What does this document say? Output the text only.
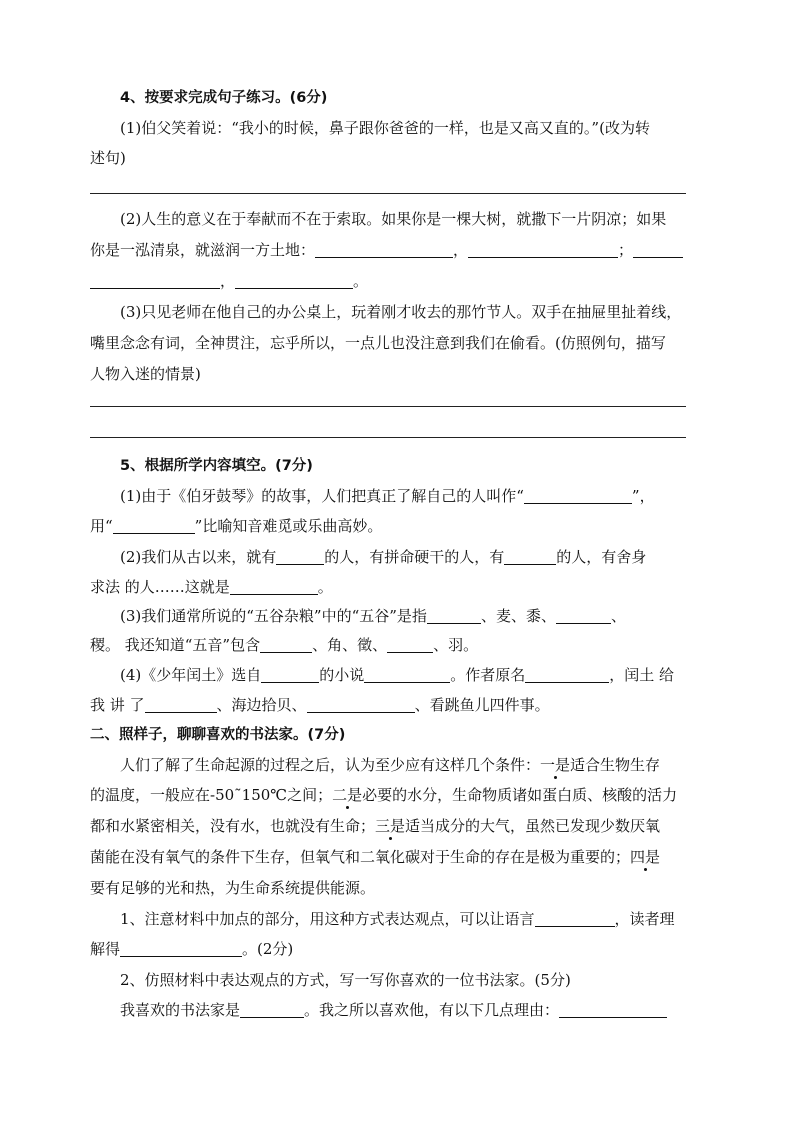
4、按要求完成句子练习。(6分)
(1)伯父笑着说：“我小的时候，鼻子跟你爸爸的一样，也是又高又直的。”(改为转
述句)
(2)人生的意义在于奉献而不在于索取。如果你是一棵大树，就撒下一片阴凉；如果
你是一泓清泉，就滋润一方土地：	，	；
，	。
(3)只见老师在他自己的办公桌上，玩着刚才收去的那竹节人。双手在抽屉里扯着线，
嘴里念念有词，全神贯注，忘乎所以，一点儿也没注意到我们在偷看。(仿照例句，描写
人物入迷的情景)
5、根据所学内容填空。(7分)
(1)由于《伯牙鼓琴》的故事，人们把真正了解自己的人叫作“	”，
用“	”比喻知音难觅或乐曲高妙。
(2)我们从古以来，就有	的人，有拼命硬干的人，有	的人，有舍身
求法 的人……这就是	。
(3)我们通常所说的“五谷杂粮”中的“五谷”是指	、麦、黍、	、
稷。 我还知道“五音”包含	、角、徵、	、羽。
(4)《少年闰土》选自	的小说	。作者原名	，闰土 给
我 讲 了	、海边拾贝、	、看跳鱼儿四件事。
二、照样子，聊聊喜欢的书法家。(7分)
人们了解了生命起源的过程之后，认为至少应有这样几个条件：一是适合生物生存
的温度，一般应在-50˜150℃之间；二是必要的水分，生命物质诸如蛋白质、核酸的活力
都和水紧密相关，没有水，也就没有生命；三是适当成分的大气，虽然已发现少数厌氧
菌能在没有氧气的条件下生存，但氧气和二氧化碳对于生命的存在是极为重要的；四是
要有足够的光和热，为生命系统提供能源。
1、注意材料中加点的部分，用这种方式表达观点，可以让语言	，读者理
解得	。(2分)
2、仿照材料中表达观点的方式，写一写你喜欢的一位书法家。(5分)
我喜欢的书法家是	。我之所以喜欢他，有以下几点理由：
